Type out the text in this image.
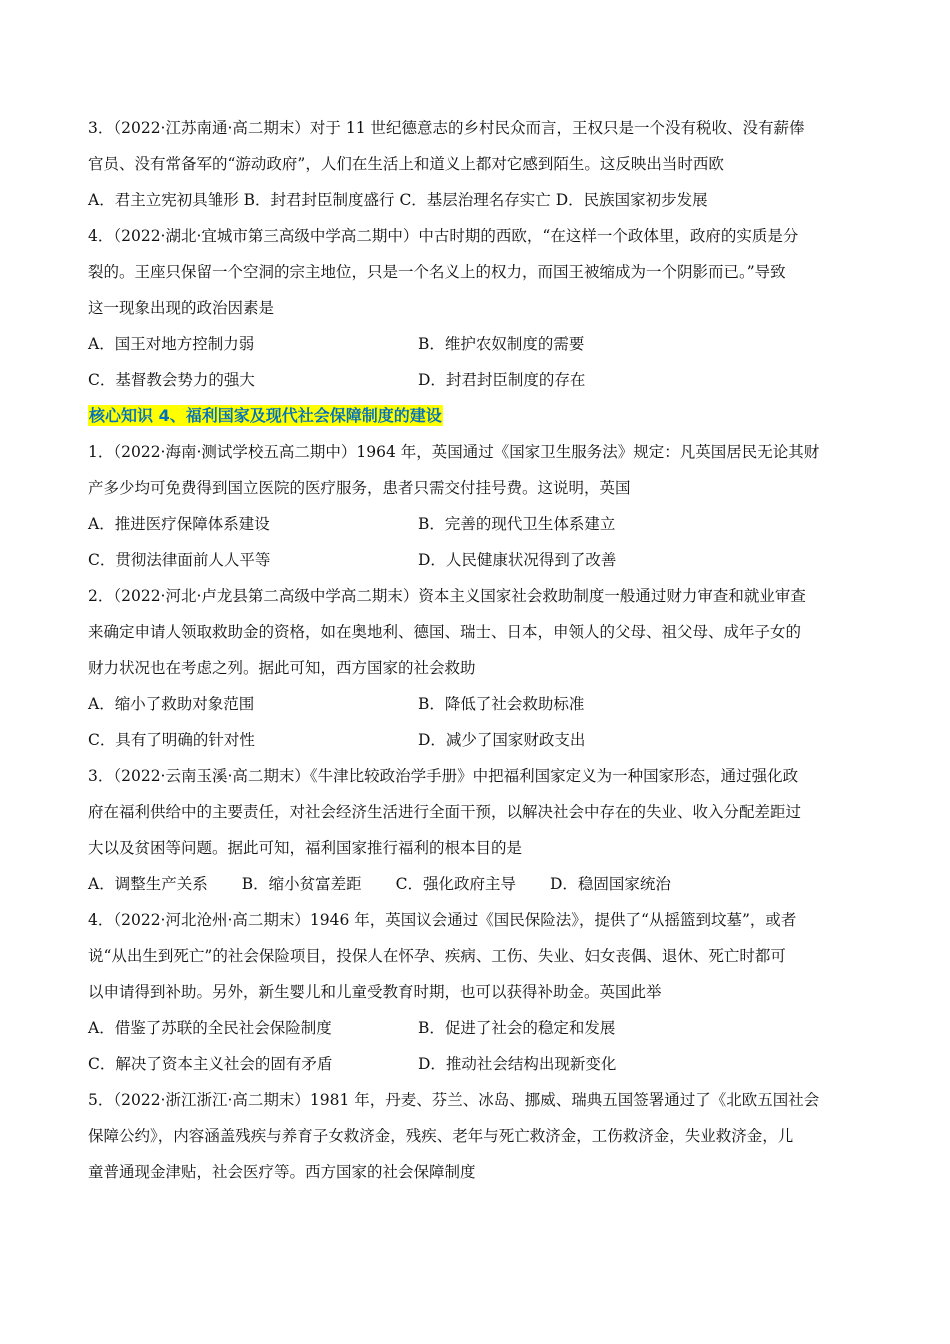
3．（2022·江苏南通·高二期末）对于 11 世纪德意志的乡村民众而言，王权只是一个没有税收、没有薪俸
官员、没有常备军的“游动政府”，人们在生活上和道义上都对它感到陌生。这反映出当时西欧
A．君主立宪初具雏形 B．封君封臣制度盛行 C．基层治理名存实亡 D．民族国家初步发展
4．（2022·湖北·宜城市第三高级中学高二期中）中古时期的西欧，“在这样一个政体里，政府的实质是分
裂的。王座只保留一个空洞的宗主地位，只是一个名义上的权力，而国王被缩成为一个阴影而已。”导致
这一现象出现的政治因素是
A．国王对地方控制力弱	B．维护农奴制度的需要
C．基督教会势力的强大	D．封君封臣制度的存在
核心知识 4、福利国家及现代社会保障制度的建设
1．（2022·海南·测试学校五高二期中）1964 年，英国通过《国家卫生服务法》规定：凡英国居民无论其财
产多少均可免费得到国立医院的医疗服务，患者只需交付挂号费。这说明，英国
A．推进医疗保障体系建设	B．完善的现代卫生体系建立
C．贯彻法律面前人人平等	D．人民健康状况得到了改善
2．（2022·河北·卢龙县第二高级中学高二期末）资本主义国家社会救助制度一般通过财力审查和就业审查
来确定申请人领取救助金的资格，如在奥地利、德国、瑞士、日本，申领人的父母、祖父母、成年子女的
财力状况也在考虑之列。据此可知，西方国家的社会救助
A．缩小了救助对象范围	B．降低了社会救助标准
C．具有了明确的针对性	D．减少了国家财政支出
3．（2022·云南玉溪·高二期末）《牛津比较政治学手册》中把福利国家定义为一种国家形态，通过强化政
府在福利供给中的主要责任，对社会经济生活进行全面干预，以解决社会中存在的失业、收入分配差距过
大以及贫困等问题。据此可知，福利国家推行福利的根本目的是
A．调整生产关系 B．缩小贫富差距 C．强化政府主导 D．稳固国家统治
4．（2022·河北沧州·高二期末）1946 年，英国议会通过《国民保险法》，提供了“从摇篮到坟墓”，或者
说“从出生到死亡”的社会保险项目，投保人在怀孕、疾病、工伤、失业、妇女丧偶、退休、死亡时都可
以申请得到补助。另外，新生婴儿和儿童受教育时期，也可以获得补助金。英国此举
A．借鉴了苏联的全民社会保险制度	B．促进了社会的稳定和发展
C．解决了资本主义社会的固有矛盾	D．推动社会结构出现新变化
5．（2022·浙江浙江·高二期末）1981 年，丹麦、芬兰、冰岛、挪威、瑞典五国签署通过了《北欧五国社会
保障公约》，内容涵盖残疾与养育子女救济金，残疾、老年与死亡救济金，工伤救济金，失业救济金，儿
童普通现金津贴，社会医疗等。西方国家的社会保障制度
